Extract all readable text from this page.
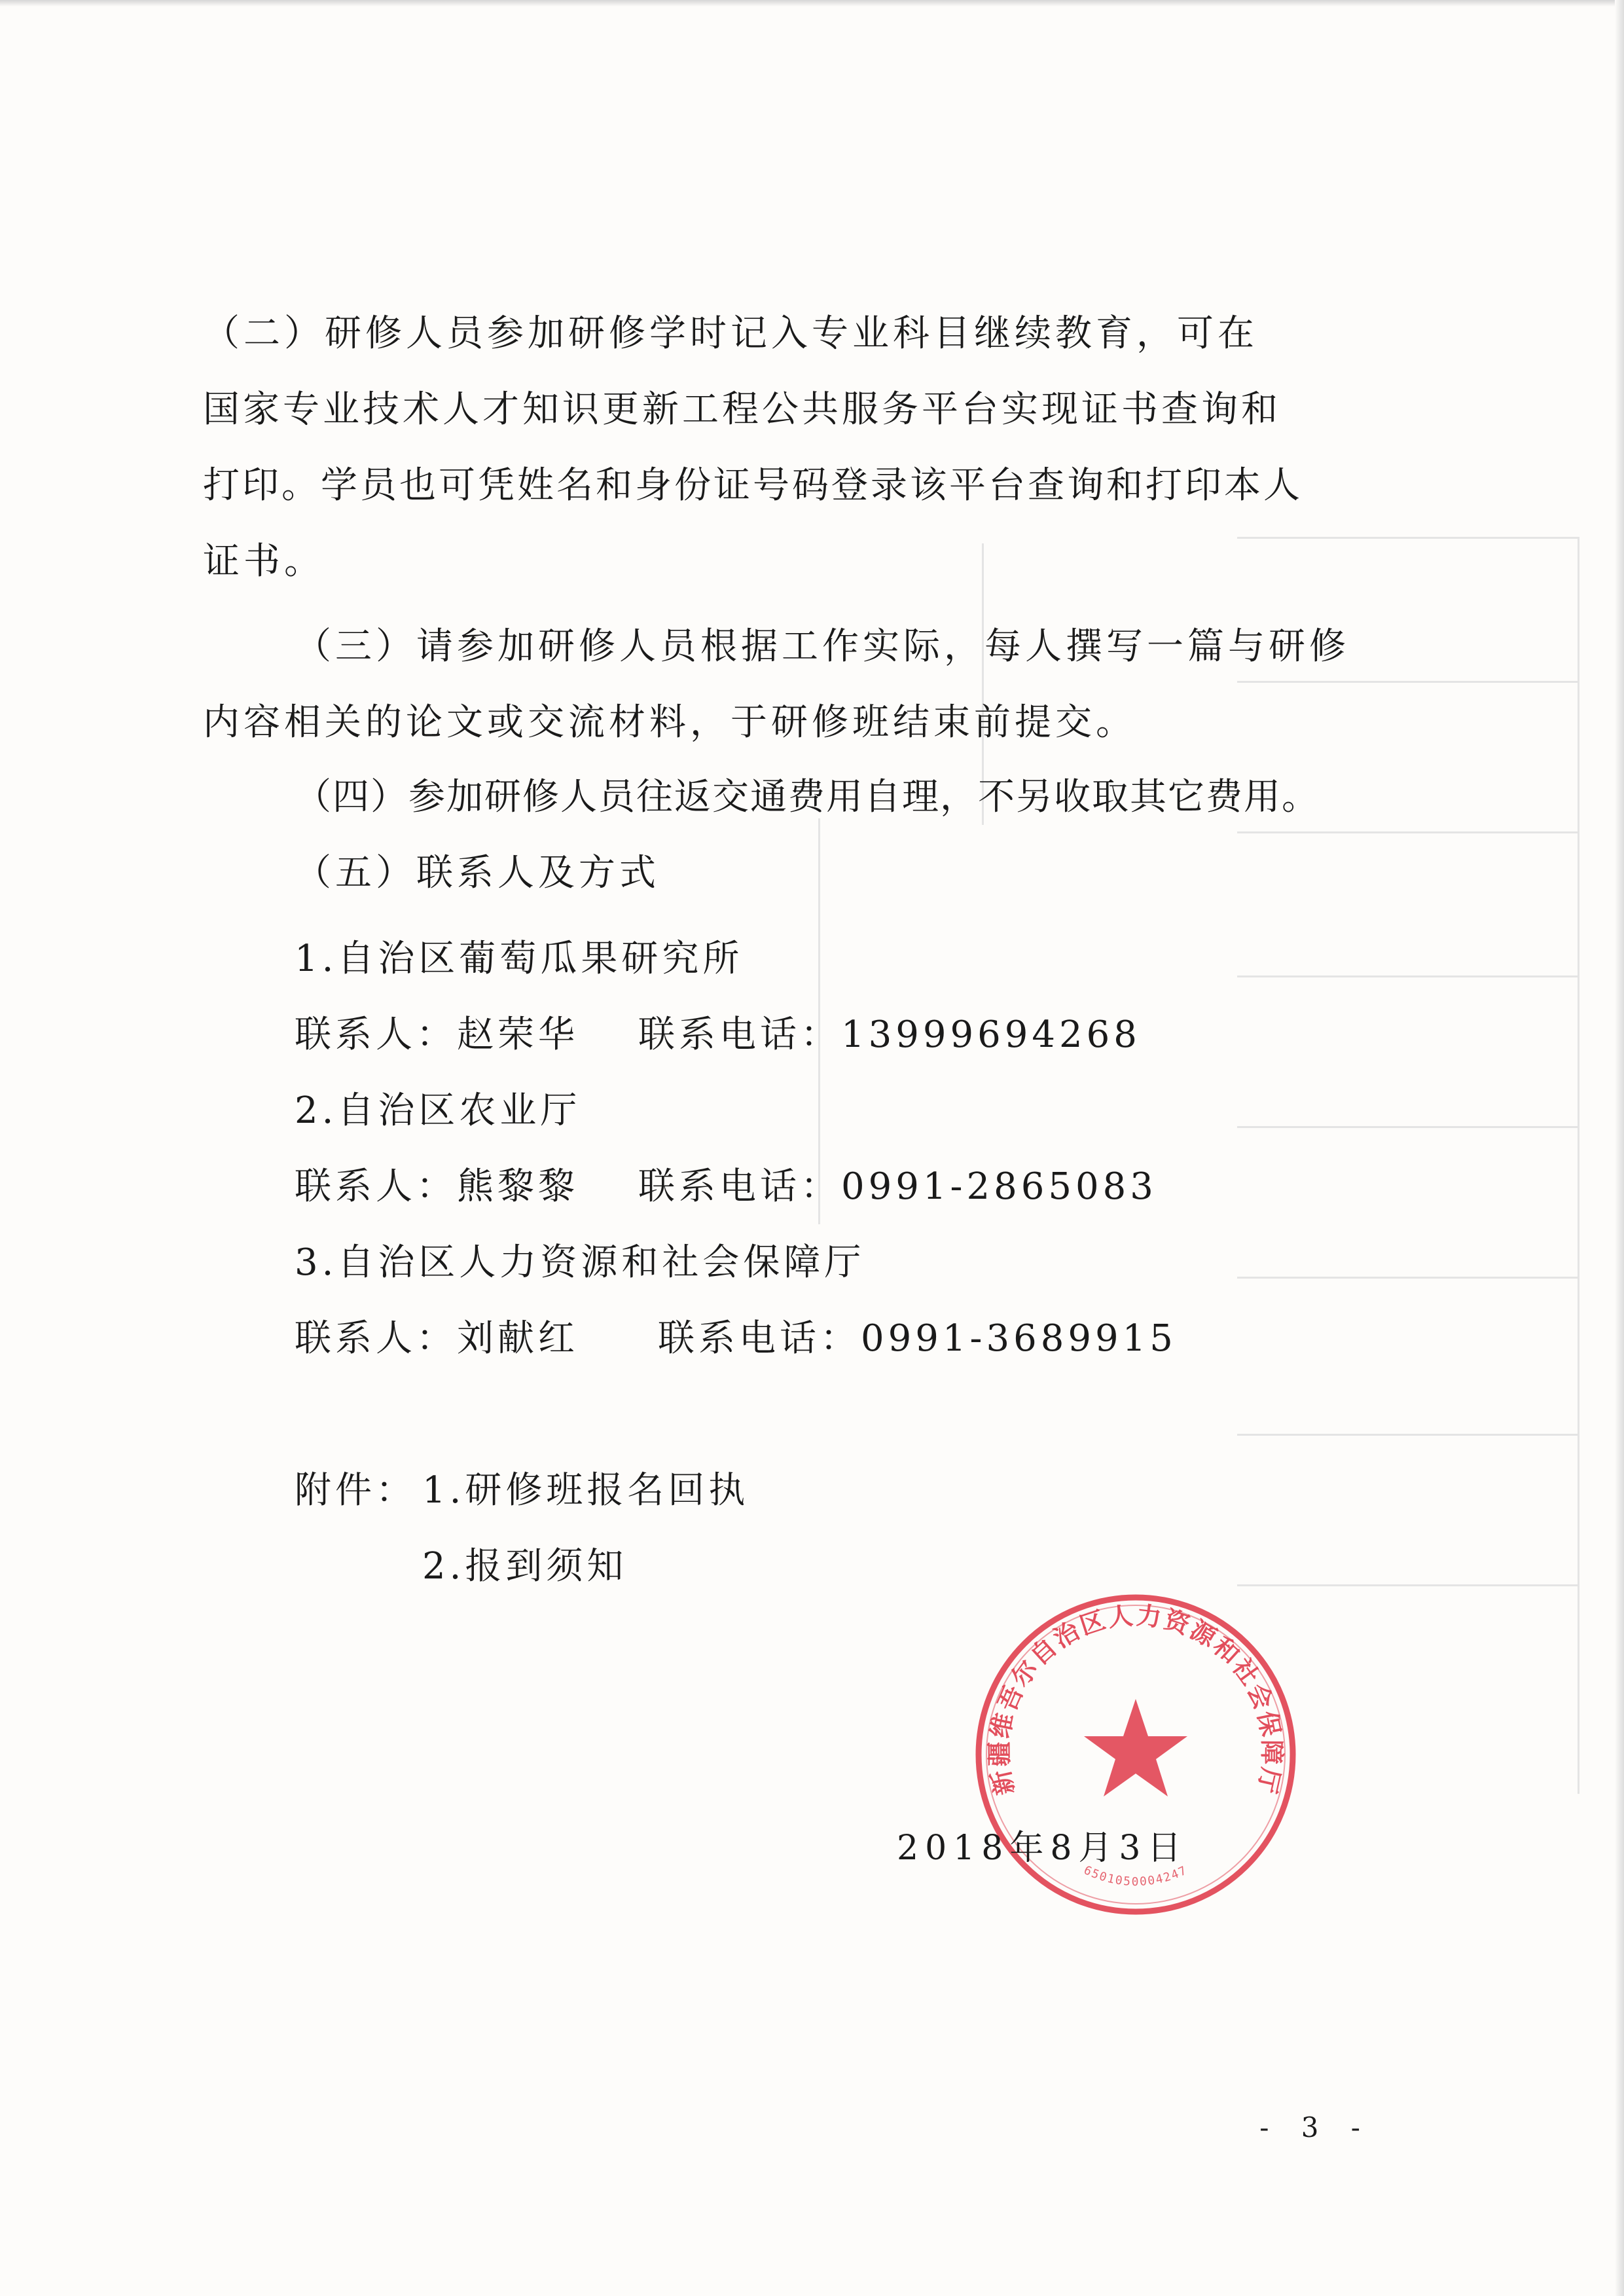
（二）研修人员参加研修学时记入专业科目继续教育，可在
国家专业技术人才知识更新工程公共服务平台实现证书查询和
打印。学员也可凭姓名和身份证号码登录该平台查询和打印本人
证书。
（三）请参加研修人员根据工作实际，每人撰写一篇与研修
内容相关的论文或交流材料，于研修班结束前提交。
（四）参加研修人员往返交通费用自理，不另收取其它费用。
（五）联系人及方式
1.自治区葡萄瓜果研究所
联系人：赵荣华 联系电话：13999694268
2.自治区农业厅
联系人：熊黎黎 联系电话：0991-2865083
3.自治区人力资源和社会保障厅
联系人：刘献红 联系电话：0991-3689915
附件： 1.研修班报名回执
2.报到须知
新疆维吾尔自治区人力资源和社会保障厅
6501050004247
2018年8月3日
- 3 -
